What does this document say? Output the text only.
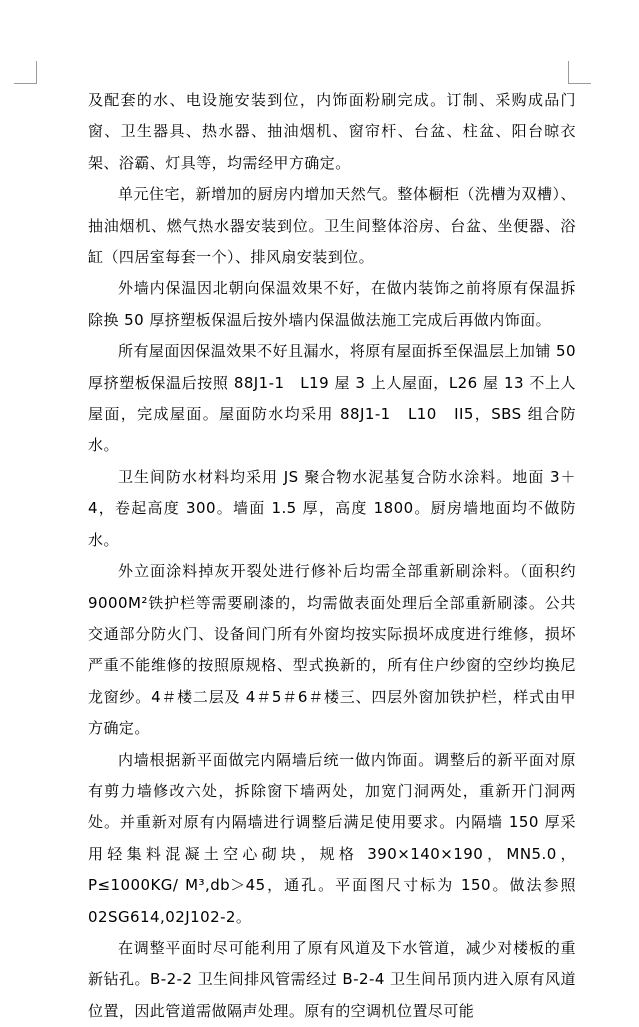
及配套的水、电设施安装到位，内饰面粉刷完成。订制、采购成品门窗、卫生器具、热水器、抽油烟机、窗帘杆、台盆、柱盆、阳台晾衣架、浴霸、灯具等，均需经甲方确定。

单元住宅，新增加的厨房内增加天然气。整体橱柜（洗槽为双槽）、抽油烟机、燃气热水器安装到位。卫生间整体浴房、台盆、坐便器、浴缸（四居室每套一个）、排风扇安装到位。

外墙内保温因北朝向保温效果不好，在做内装饰之前将原有保温拆除换 50 厚挤塑板保温后按外墙内保温做法施工完成后再做内饰面。

所有屋面因保温效果不好且漏水，将原有屋面拆至保温层上加铺 50 厚挤塑板保温后按照 88J1-1　L19 屋 3 上人屋面，L26 屋 13 不上人屋面，完成屋面。屋面防水均采用 88J1-1　L10　II5，SBS 组合防水。

卫生间防水材料均采用 JS 聚合物水泥基复合防水涂料。地面 3＋4，卷起高度 300。墙面 1.5 厚，高度 1800。厨房墙地面均不做防水。

外立面涂料掉灰开裂处进行修补后均需全部重新刷涂料。（面积约 9000M²铁护栏等需要刷漆的，均需做表面处理后全部重新刷漆。公共交通部分防火门、设备间门所有外窗均按实际损坏成度进行维修，损坏严重不能维修的按照原规格、型式换新的，所有住户纱窗的空纱均换尼龙窗纱。4＃楼二层及 4＃5＃6＃楼三、四层外窗加铁护栏，样式由甲方确定。

内墙根据新平面做完内隔墙后统一做内饰面。调整后的新平面对原有剪力墙修改六处，拆除窗下墙两处，加宽门洞两处，重新开门洞两处。并重新对原有内隔墙进行调整后满足使用要求。内隔墙 150 厚采用轻集料混凝土空心砌块，规格 390×140×190，MN5.0，P≤1000KG/ M³,db＞45，通孔。平面图尺寸标为 150。做法参照 02SG614,02J102-2。

在调整平面时尽可能利用了原有风道及下水管道，减少对楼板的重新钻孔。B-2-2 卫生间排风管需经过 B-2-4 卫生间吊顶内进入原有风道位置，因此管道需做隔声处理。原有的空调机位置尽可能
